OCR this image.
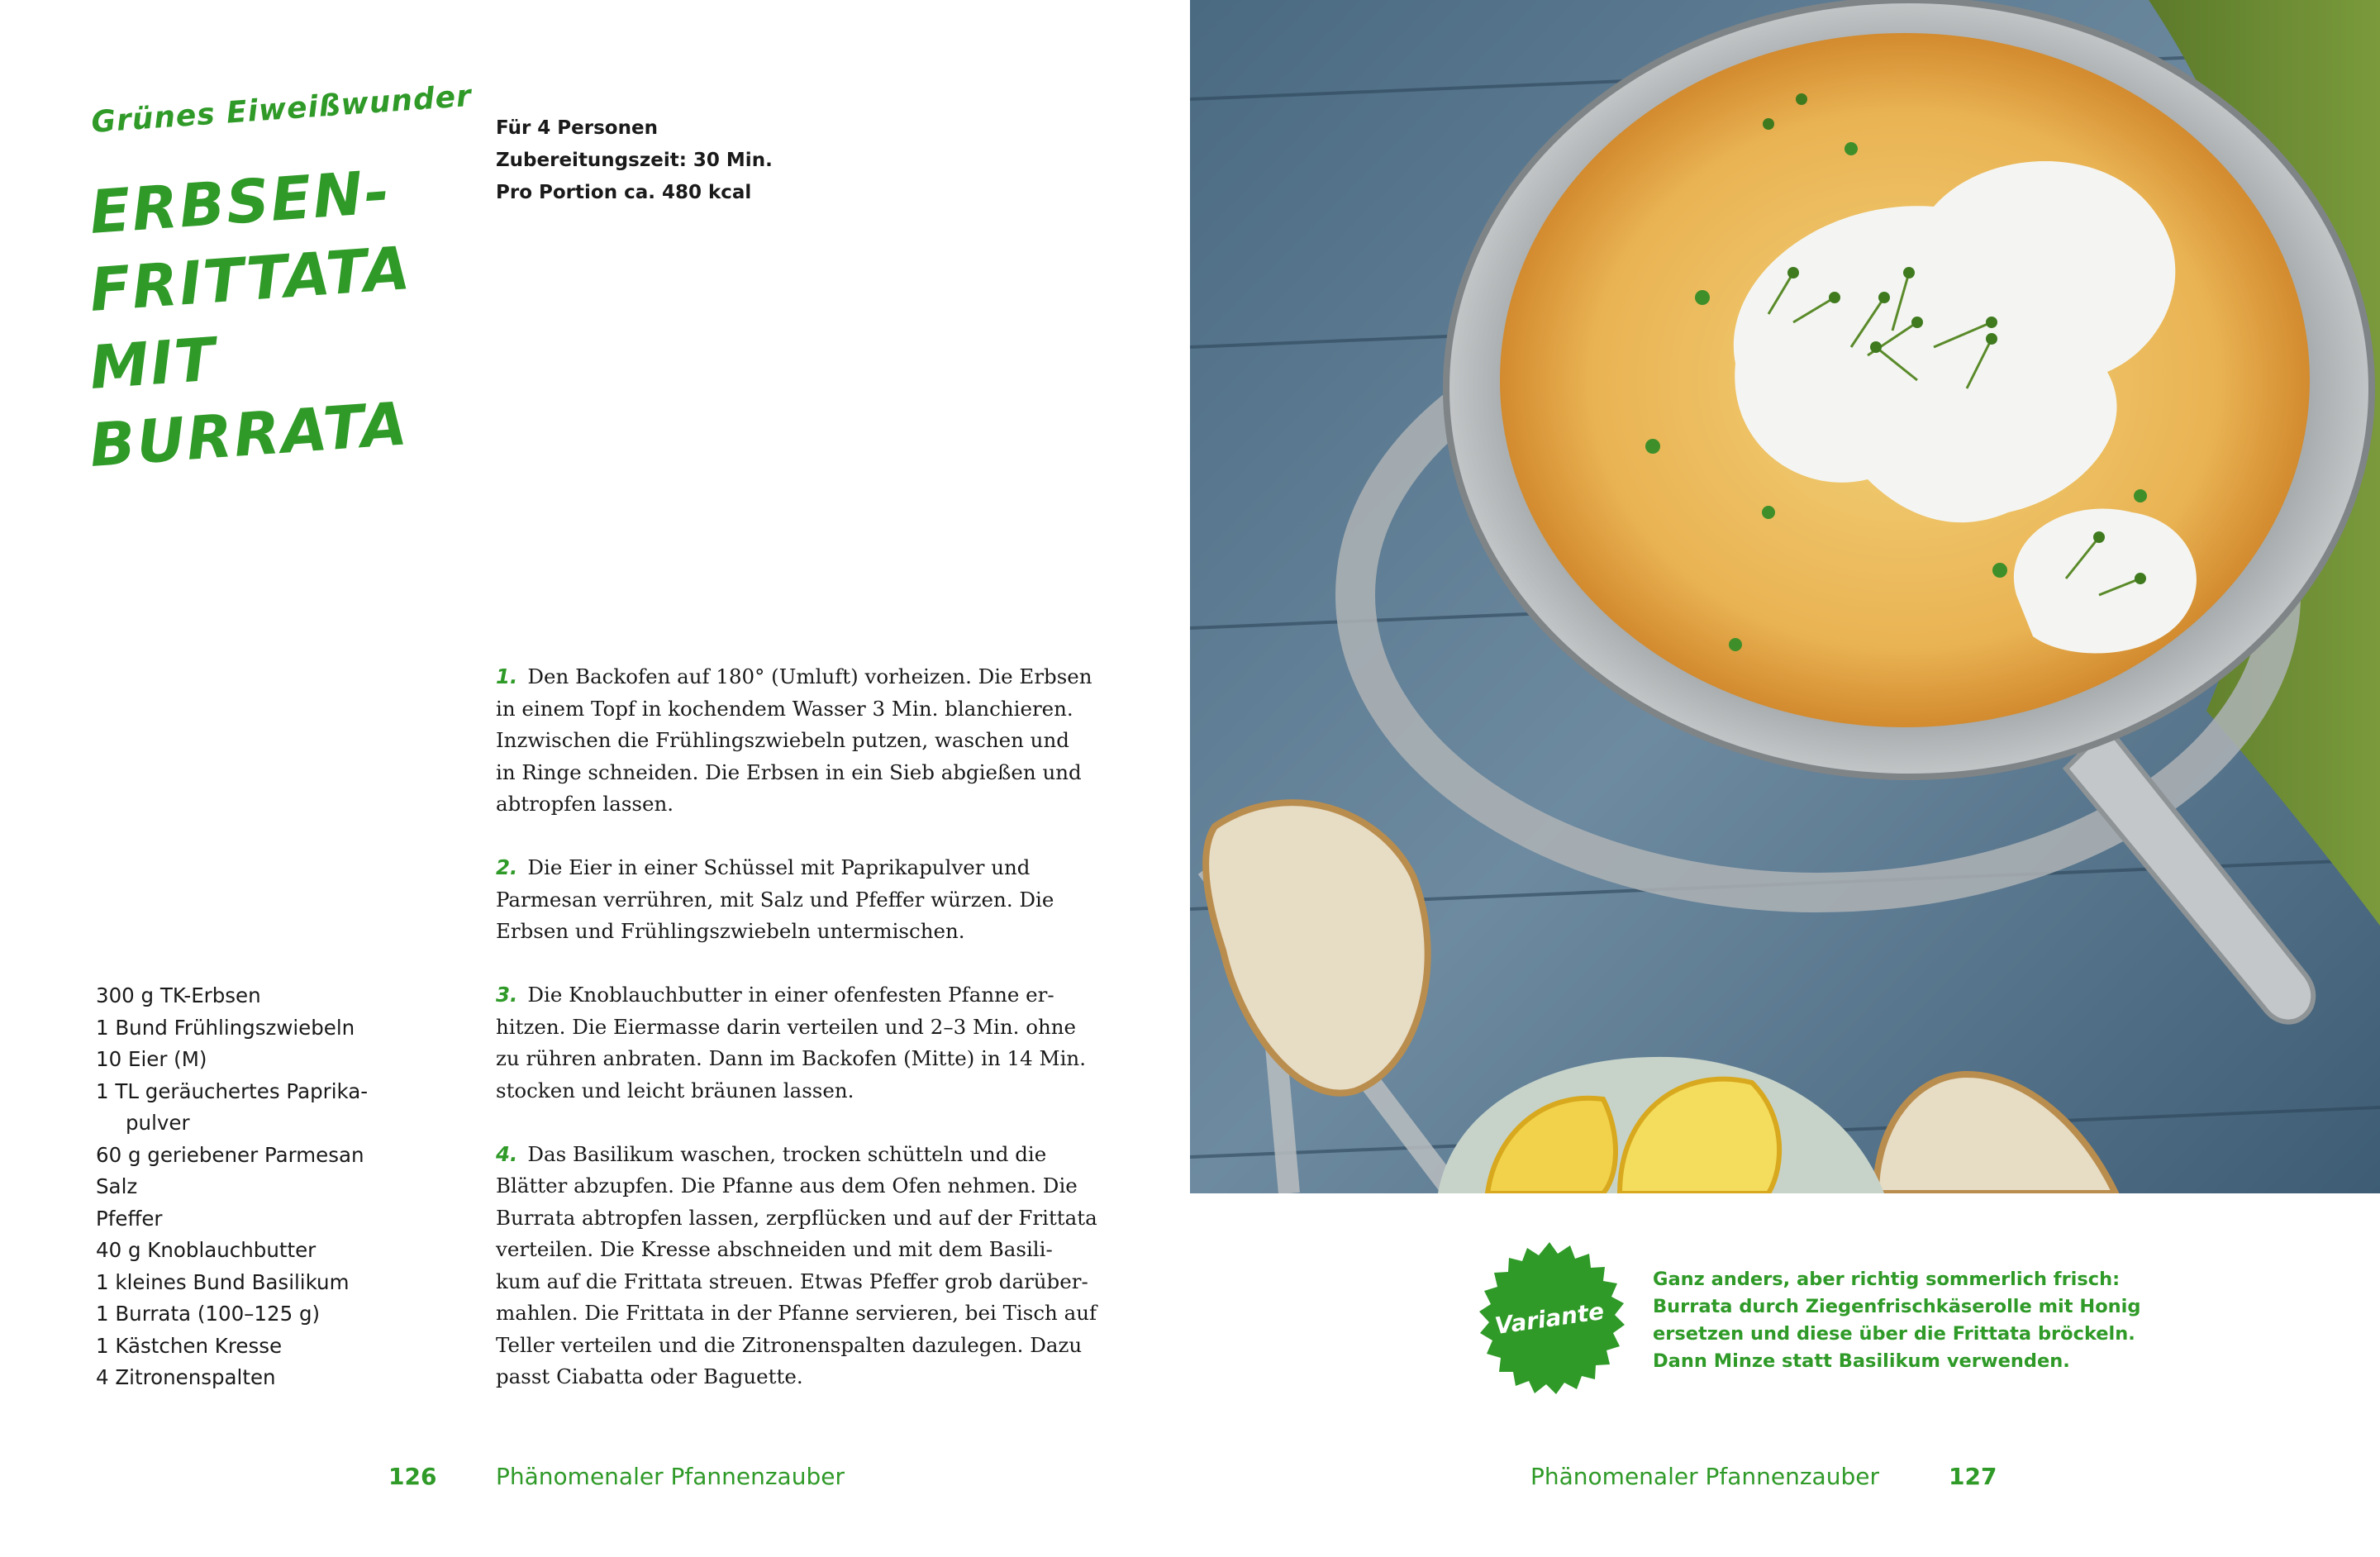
Grünes Eiweißwunder
ERBSEN-
FRITTATA
MIT
BURRATA
Für 4 Personen
Zubereitungszeit: 30 Min.
Pro Portion ca. 480 kcal
300 g TK-Erbsen
1 Bund Frühlingszwiebeln
10 Eier (M)
1 TL geräuchertes Paprika-
pulver
60 g geriebener Parmesan
Salz
Pfeffer
40 g Knoblauchbutter
1 kleines Bund Basilikum
1 Burrata (100–125 g)
1 Kästchen Kresse
4 Zitronenspalten
1. Den Backofen auf 180° (Umluft) vorheizen. Die Erbsen
in einem Topf in kochendem Wasser 3 Min. blanchieren.
Inzwischen die Frühlingszwiebeln putzen, waschen und
in Ringe schneiden. Die Erbsen in ein Sieb abgießen und
abtropfen lassen.
2. Die Eier in einer Schüssel mit Paprikapulver und
Parmesan verrühren, mit Salz und Pfeffer würzen. Die
Erbsen und Frühlingszwiebeln untermischen.
3. Die Knoblauchbutter in einer ofenfesten Pfanne er-
hitzen. Die Eiermasse darin verteilen und 2–3 Min. ohne
zu rühren anbraten. Dann im Backofen (Mitte) in 14 Min.
stocken und leicht bräunen lassen.
4. Das Basilikum waschen, trocken schütteln und die
Blätter abzupfen. Die Pfanne aus dem Ofen nehmen. Die
Burrata abtropfen lassen, zerpflücken und auf der Frittata
verteilen. Die Kresse abschneiden und mit dem Basili-
kum auf die Frittata streuen. Etwas Pfeffer grob darüber-
mahlen. Die Frittata in der Pfanne servieren, bei Tisch auf
Teller verteilen und die Zitronenspalten dazulegen. Dazu
passt Ciabatta oder Baguette.
126	Phänomenaler Pfannenzauber
Variante
Ganz anders, aber richtig sommerlich frisch:
Burrata durch Ziegenfrischkäserolle mit Honig
ersetzen und diese über die Frittata bröckeln.
Dann Minze statt Basilikum verwenden.
Phänomenaler Pfannenzauber	127
